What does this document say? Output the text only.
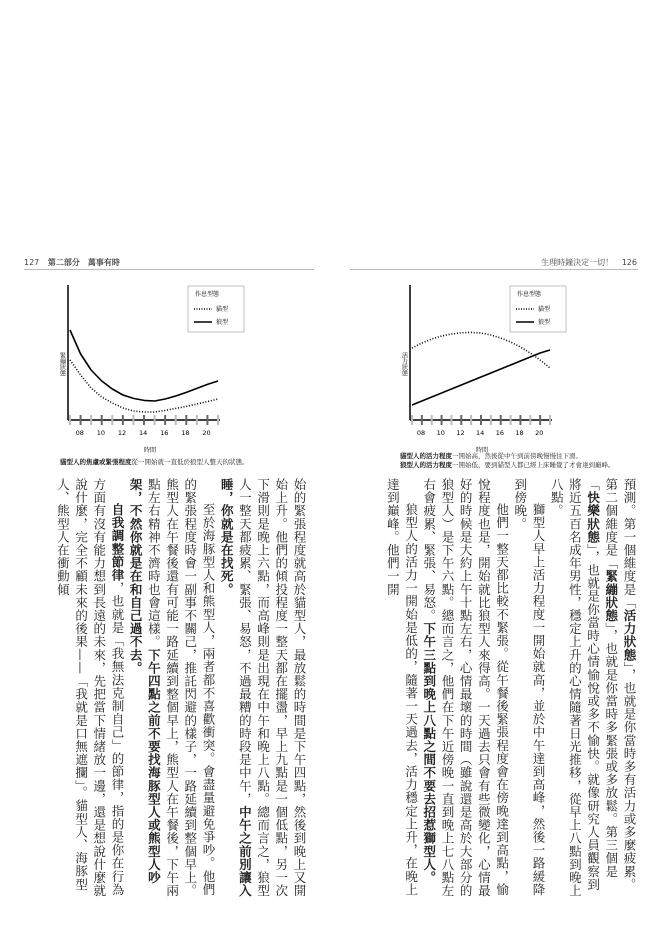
127 第二部分　萬事有時	生理時鐘決定一切！ 126
作息型態
貓型
狼型
緊繃狀態
時間
08 10 12 14 16 18 20
作息型態
貓型
狼型
活力狀態
時間
08 10 12 14 16 18 20
貓型人的焦慮或緊張程度從一開始就一直低於狼型人整天的狀態。
貓型人的活力程度一開始高，然後從中午到前傍晚慢慢往下滑。
狼型人的活力程度一開始低，要到貓型人都已經上床睡覺了才會達到巔峰。

始的緊張程度就高於貓型人，最放鬆的時間是下午四點，然後到晚上又開始上升。他們的傾投程度一整天都在擺盪，早上九點是一個低點，另一次下滑則是晚上六點，而高峰則是出現在中午和晚上八點。總而言之，狼型人一整天都疲累、緊張、易怒，不過最糟的時段是中午，中午之前別讓入睡，你就是在找死。

至於海豚型人和熊型人，兩者都不喜歡衝突。會盡量避免爭吵。他們的緊張程度時會一副事不關己，推託閃避的樣子，一路延續到整個早上。熊型人在午餐後還有可能一路延續到整個早上，熊型人在午餐後，下午兩點左右精神不濟時也會這樣。下午四點之前不要找海豚型人或熊型人吵架，不然你就是在和自己過不去。

自我調整節律，也就是「我無法克制自己」的節律，指的是你在行為方面有沒有能力想到長遠的未來，先把當下情緒放一邊，還是想說什麼就說什麼，完全不顧未來的後果——「我就是口無遮攔」。貓型人、海豚型人、熊型人在衝動傾	預測。第一個維度是「活力狀態」，也就是你當時多有活力或多麼疲累。第二個維度是「緊繃狀態」，也就是你當時多緊張或多放鬆。第三個是「快樂狀態」，也就是你當時心情愉悅或多不愉快。就像研究人員觀察到將近五百名成年男性，穩定上升的心情隨著日光推移，從早上八點到晚上八點。

獅型人早上活力程度一開始就高，並於中午達到高峰，然後一路緩降到傍晚。

他們一整天都比較不緊張。從午餐後緊張程度會在傍晚達到高點，愉悅程度也是，開始就比狼型人來得高。一天過去只會有些微變化，心情最好的時候是大約上午十點左右，心情最壞的時間（雖說還是高於大部分的狼型人）是下午六點。總而言之，他們在下午近傍晚一直到晚上七八點左右會疲累、緊張、易怒。下午三點到晚上八點之間不要去招惹獅型人。

狼型人的活力一開始是低的，隨著一天過去，活力穩定上升，在晚上達到巔峰。他們一開
